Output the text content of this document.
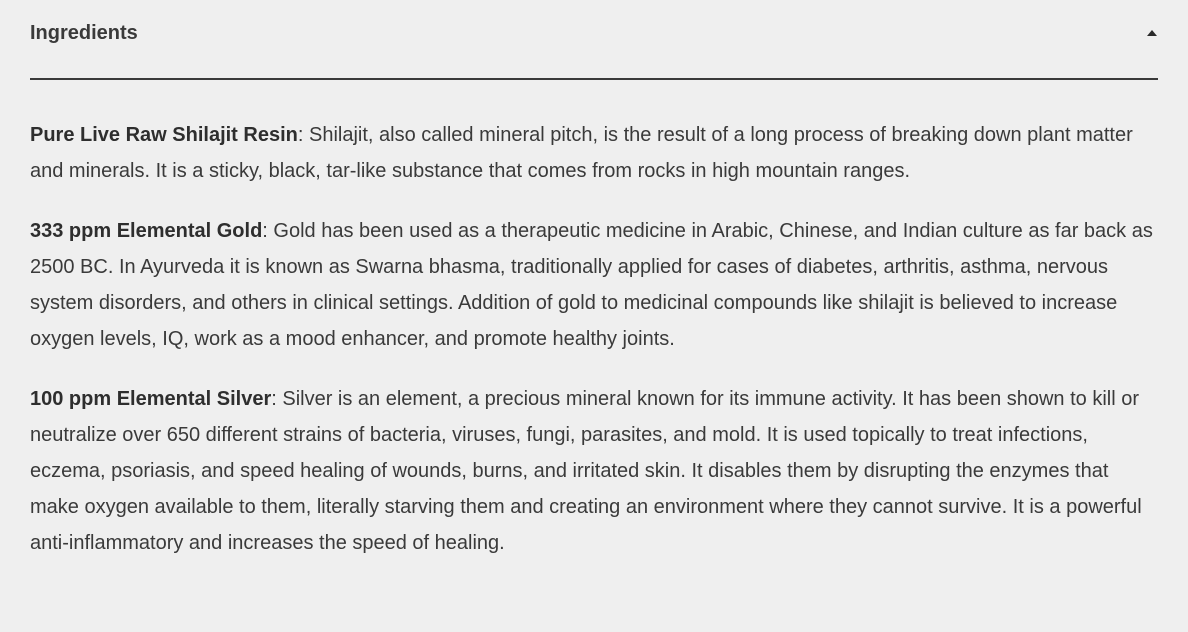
Ingredients

Pure Live Raw Shilajit Resin: Shilajit, also called mineral pitch, is the result of a long process of breaking down plant matter and minerals. It is a sticky, black, tar-like substance that comes from rocks in high mountain ranges.

333 ppm Elemental Gold: Gold has been used as a therapeutic medicine in Arabic, Chinese, and Indian culture as far back as 2500 BC. In Ayurveda it is known as Swarna bhasma, traditionally applied for cases of diabetes, arthritis, asthma, nervous system disorders, and others in clinical settings. Addition of gold to medicinal compounds like shilajit is believed to increase oxygen levels, IQ, work as a mood enhancer, and promote healthy joints.

100 ppm Elemental Silver: Silver is an element, a precious mineral known for its immune activity. It has been shown to kill or neutralize over 650 different strains of bacteria, viruses, fungi, parasites, and mold. It is used topically to treat infections, eczema, psoriasis, and speed healing of wounds, burns, and irritated skin. It disables them by disrupting the enzymes that make oxygen available to them, literally starving them and creating an environment where they cannot survive. It is a powerful anti-inflammatory and increases the speed of healing.
